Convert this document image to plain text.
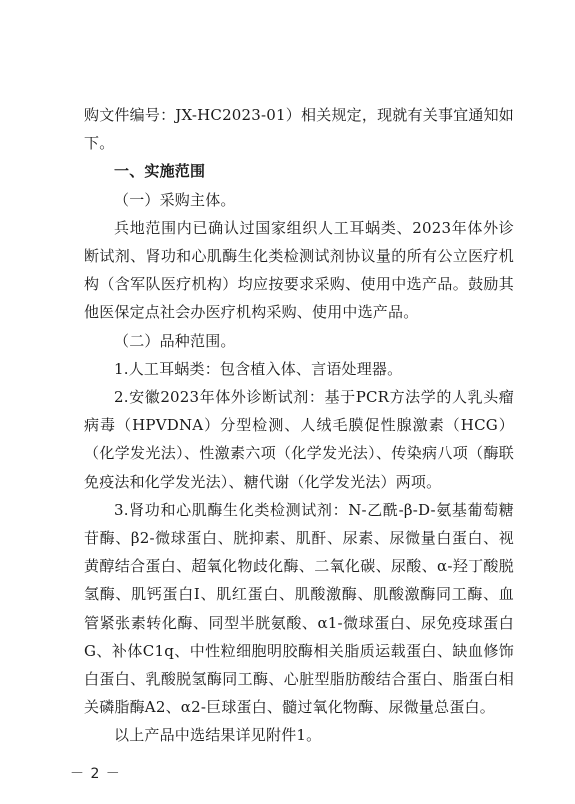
购文件编号：JX-HC2023-01）相关规定，现就有关事宜通知如下。

一、实施范围

（一）采购主体。

兵地范围内已确认过国家组织人工耳蜗类、2023年体外诊断试剂、肾功和心肌酶生化类检测试剂协议量的所有公立医疗机构（含军队医疗机构）均应按要求采购、使用中选产品。鼓励其他医保定点社会办医疗机构采购、使用中选产品。

（二）品种范围。

1.人工耳蜗类：包含植入体、言语处理器。

2.安徽2023年体外诊断试剂：基于PCR方法学的人乳头瘤病毒（HPVDNA）分型检测、人绒毛膜促性腺激素（HCG）（化学发光法）、性激素六项（化学发光法）、传染病八项（酶联免疫法和化学发光法）、糖代谢（化学发光法）两项。

3.肾功和心肌酶生化类检测试剂：N-乙酰-β-D-氨基葡萄糖苷酶、β2-微球蛋白、胱抑素、肌酐、尿素、尿微量白蛋白、视黄醇结合蛋白、超氧化物歧化酶、二氧化碳、尿酸、α-羟丁酸脱氢酶、肌钙蛋白I、肌红蛋白、肌酸激酶、肌酸激酶同工酶、血管紧张素转化酶、同型半胱氨酸、α1-微球蛋白、尿免疫球蛋白G、补体C1q、中性粒细胞明胶酶相关脂质运载蛋白、缺血修饰白蛋白、乳酸脱氢酶同工酶、心脏型脂肪酸结合蛋白、脂蛋白相关磷脂酶A2、α2-巨球蛋白、髓过氧化物酶、尿微量总蛋白。

以上产品中选结果详见附件1。

－ 2 －
